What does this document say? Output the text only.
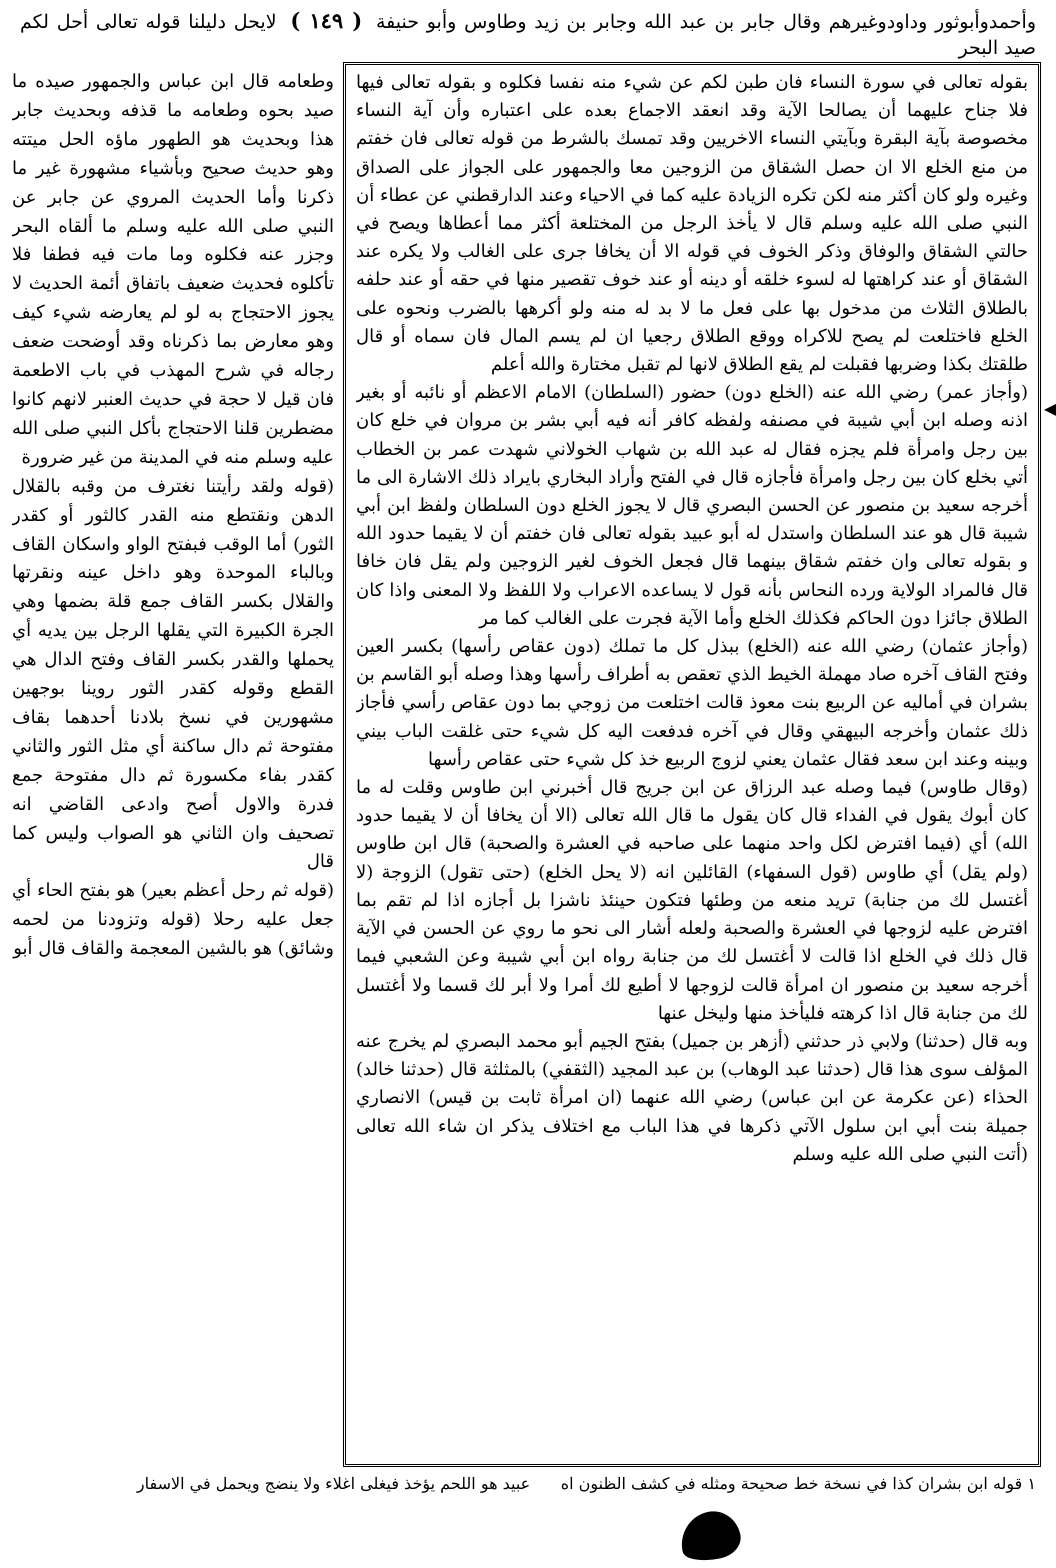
وأحمدوأبوثور وداودوغيرهم وقال جابر بن عبد الله وجابر بن زيد وطاوس وأبو حنيفة ( ١٤٩ ) لايحل دليلنا قوله تعالى أحل لكم صيد البحر
◀

بقوله تعالى في سورة النساء فان طبن لكم عن شيء منه نفسا فكلوه و بقوله تعالى فيها فلا جناح عليهما أن يصالحا الآية وقد انعقد الاجماع بعده على اعتباره وأن آية النساء مخصوصة بآية البقرة وبآيتي النساء الاخريين وقد تمسك بالشرط من قوله تعالى فان خفتم من منع الخلع الا ان حصل الشقاق من الزوجين معا والجمهور على الجواز على الصداق وغيره ولو كان أكثر منه لكن تكره الزيادة عليه كما في الاحياء وعند الدارقطني عن عطاء أن النبي صلى الله عليه وسلم قال لا يأخذ الرجل من المختلعة أكثر مما أعطاها ويصح في حالتي الشقاق والوفاق وذكر الخوف في قوله الا أن يخافا جرى على الغالب ولا يكره عند الشقاق أو عند كراهتها له لسوء خلقه أو دينه أو عند خوف تقصير منها في حقه أو عند حلفه بالطلاق الثلاث من مدخول بها على فعل ما لا بد له منه ولو أكرهها بالضرب ونحوه على الخلع فاختلعت لم يصح للاكراه ووقع الطلاق رجعيا ان لم يسم المال فان سماه أو قال طلقتك بكذا وضربها فقبلت لم يقع الطلاق لانها لم تقبل مختارة والله أعلم

(وأجاز عمر) رضي الله عنه (الخلع دون) حضور (السلطان) الامام الاعظم أو نائبه أو بغير اذنه وصله ابن أبي شيبة في مصنفه ولفظه كافر أنه فيه أبي بشر بن مروان في خلع كان بين رجل وامرأة فلم يجزه فقال له عبد الله بن شهاب الخولاني شهدت عمر بن الخطاب أتي بخلع كان بين رجل وامرأة فأجازه قال في الفتح وأراد البخاري بايراد ذلك الاشارة الى ما أخرجه سعيد بن منصور عن الحسن البصري قال لا يجوز الخلع دون السلطان ولفظ ابن أبي شيبة قال هو عند السلطان واستدل له أبو عبيد بقوله تعالى فان خفتم أن لا يقيما حدود الله و بقوله تعالى وان خفتم شقاق بينهما قال فجعل الخوف لغير الزوجين ولم يقل فان خافا قال فالمراد الولاية ورده النحاس بأنه قول لا يساعده الاعراب ولا اللفظ ولا المعنى واذا كان الطلاق جائزا دون الحاكم فكذلك الخلع وأما الآية فجرت على الغالب كما مر

(وأجاز عثمان) رضي الله عنه (الخلع) ببذل كل ما تملك (دون عقاص رأسها) بكسر العين وفتح القاف آخره صاد مهملة الخيط الذي تعقص به أطراف رأسها وهذا وصله أبو القاسم بن بشران في أماليه عن الربيع بنت معوذ قالت اختلعت من زوجي بما دون عقاص رأسي فأجاز ذلك عثمان وأخرجه البيهقي وقال في آخره فدفعت اليه كل شيء حتى غلقت الباب بيني وبينه وعند ابن سعد فقال عثمان يعني لزوج الربيع خذ كل شيء حتى عقاص رأسها

(وقال طاوس) فيما وصله عبد الرزاق عن ابن جريج قال أخبرني ابن طاوس وقلت له ما كان أبوك يقول في الفداء قال كان يقول ما قال الله تعالى (الا أن يخافا أن لا يقيما حدود الله) أي (فيما افترض لكل واحد منهما على صاحبه في العشرة والصحبة) قال ابن طاوس (ولم يقل) أي طاوس (قول السفهاء) القائلين انه (لا يحل الخلع) (حتى تقول) الزوجة (لا أغتسل لك من جنابة) تريد منعه من وطئها فتكون حينئذ ناشزا بل أجازه اذا لم تقم بما افترض عليه لزوجها في العشرة والصحبة ولعله أشار الى نحو ما روي عن الحسن في الآية قال ذلك في الخلع اذا قالت لا أغتسل لك من جنابة رواه ابن أبي شيبة وعن الشعبي فيما أخرجه سعيد بن منصور ان امرأة قالت لزوجها لا أطيع لك أمرا ولا أبر لك قسما ولا أغتسل لك من جنابة قال اذا كرهته فليأخذ منها وليخل عنها

وبه قال (حدثنا) ولابي ذر حدثني (أزهر بن جميل) بفتح الجيم أبو محمد البصري لم يخرج عنه المؤلف سوى هذا قال (حدثنا عبد الوهاب) بن عبد المجيد (الثقفي) بالمثلثة قال (حدثنا خالد) الحذاء (عن عكرمة عن ابن عباس) رضي الله عنهما (ان امرأة ثابت بن قيس) الانصاري جميلة بنت أبي ابن سلول الآتي ذكرها في هذا الباب مع اختلاف يذكر ان شاء الله تعالى (أتت النبي صلى الله عليه وسلم

وطعامه قال ابن عباس والجمهور صيده ما صيد بحوه وطعامه ما قذفه وبحديث جابر هذا وبحديث هو الطهور ماؤه الحل ميتته وهو حديث صحيح وبأشياء مشهورة غير ما ذكرنا وأما الحديث المروي عن جابر عن النبي صلى الله عليه وسلم ما ألقاه البحر وجزر عنه فكلوه وما مات فيه فطفا فلا تأكلوه فحديث ضعيف باتفاق أئمة الحديث لا يجوز الاحتجاج به لو لم يعارضه شيء كيف وهو معارض بما ذكرناه وقد أوضحت ضعف رجاله في شرح المهذب في باب الاطعمة فان قيل لا حجة في حديث العنبر لانهم كانوا مضطرين قلنا الاحتجاج بأكل النبي صلى الله عليه وسلم منه في المدينة من غير ضرورة

(قوله ولقد رأيتنا نغترف من وقبه بالقلال الدهن ونقتطع منه القدر كالثور أو كقدر الثور) أما الوقب فبفتح الواو واسكان القاف وبالباء الموحدة وهو داخل عينه ونقرتها والقلال بكسر القاف جمع قلة بضمها وهي الجرة الكبيرة التي يقلها الرجل بين يديه أي يحملها والقدر بكسر القاف وفتح الدال هي القطع وقوله كقدر الثور روينا بوجهين مشهورين في نسخ بلادنا أحدهما بقاف مفتوحة ثم دال ساكنة أي مثل الثور والثاني كقدر بفاء مكسورة ثم دال مفتوحة جمع فدرة والاول أصح وادعى القاضي انه تصحيف وان الثاني هو الصواب وليس كما قال

(قوله ثم رحل أعظم بعير) هو بفتح الحاء أي جعل عليه رحلا (قوله وتزودنا من لحمه وشائق) هو بالشين المعجمة والقاف قال أبو

١ قوله ابن بشران كذا في نسخة خط صحيحة ومثله في كشف الظنون اه      عبيد هو اللحم يؤخذ فيغلى اغلاء ولا ينضج ويحمل في الاسفار
